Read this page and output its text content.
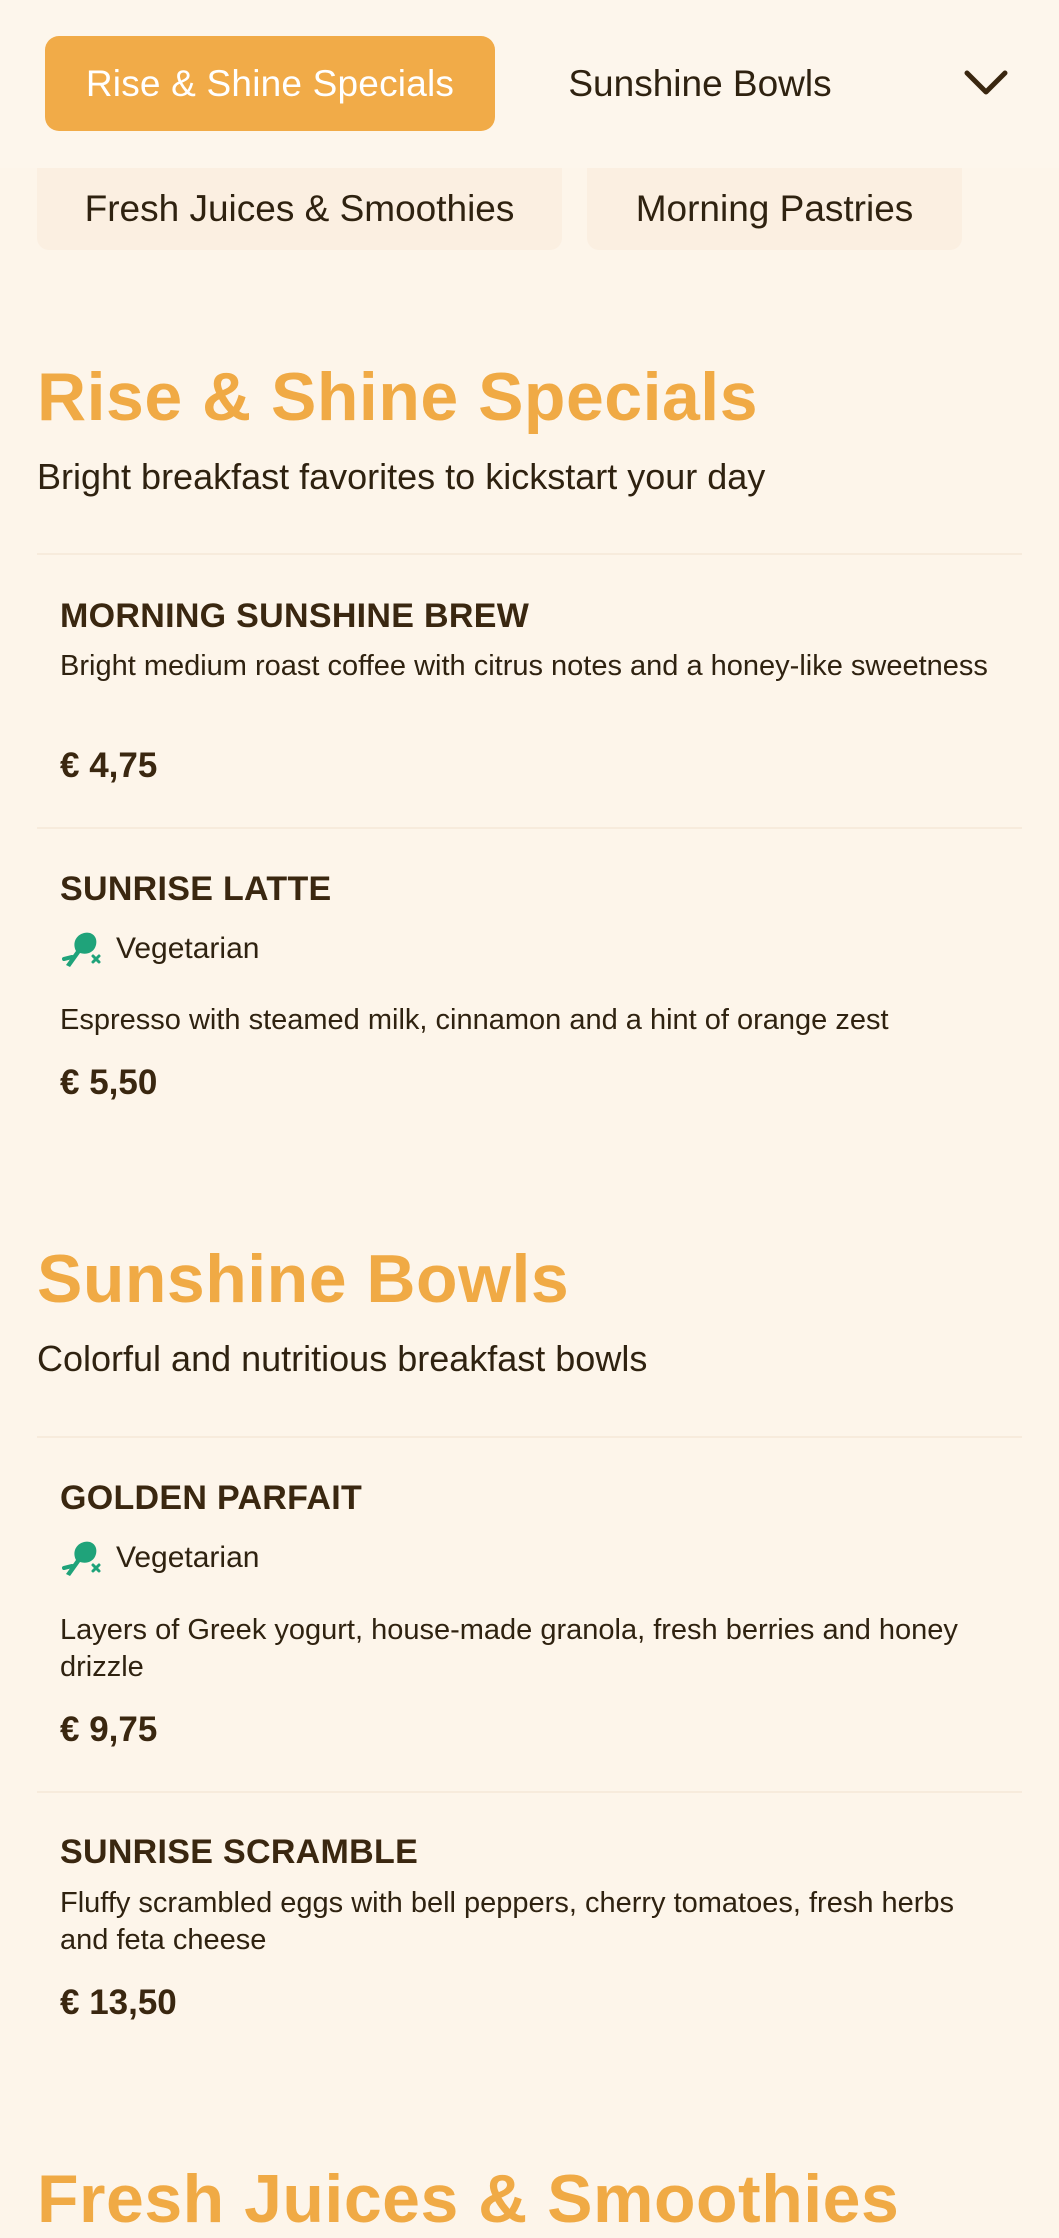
Rise & Shine Specials	Sunshine Bowls
Fresh Juices & Smoothies	Morning Pastries
Rise & Shine Specials
Bright breakfast favorites to kickstart your day
MORNING SUNSHINE BREW
Bright medium roast coffee with citrus notes and a honey-like sweetness
€ 4,75
SUNRISE LATTE
Vegetarian
Espresso with steamed milk, cinnamon and a hint of orange zest
€ 5,50
Sunshine Bowls
Colorful and nutritious breakfast bowls
GOLDEN PARFAIT
Vegetarian
Layers of Greek yogurt, house-made granola, fresh berries and honey drizzle
€ 9,75
SUNRISE SCRAMBLE
Fluffy scrambled eggs with bell peppers, cherry tomatoes, fresh herbs and feta cheese
€ 13,50
Fresh Juices & Smoothies
